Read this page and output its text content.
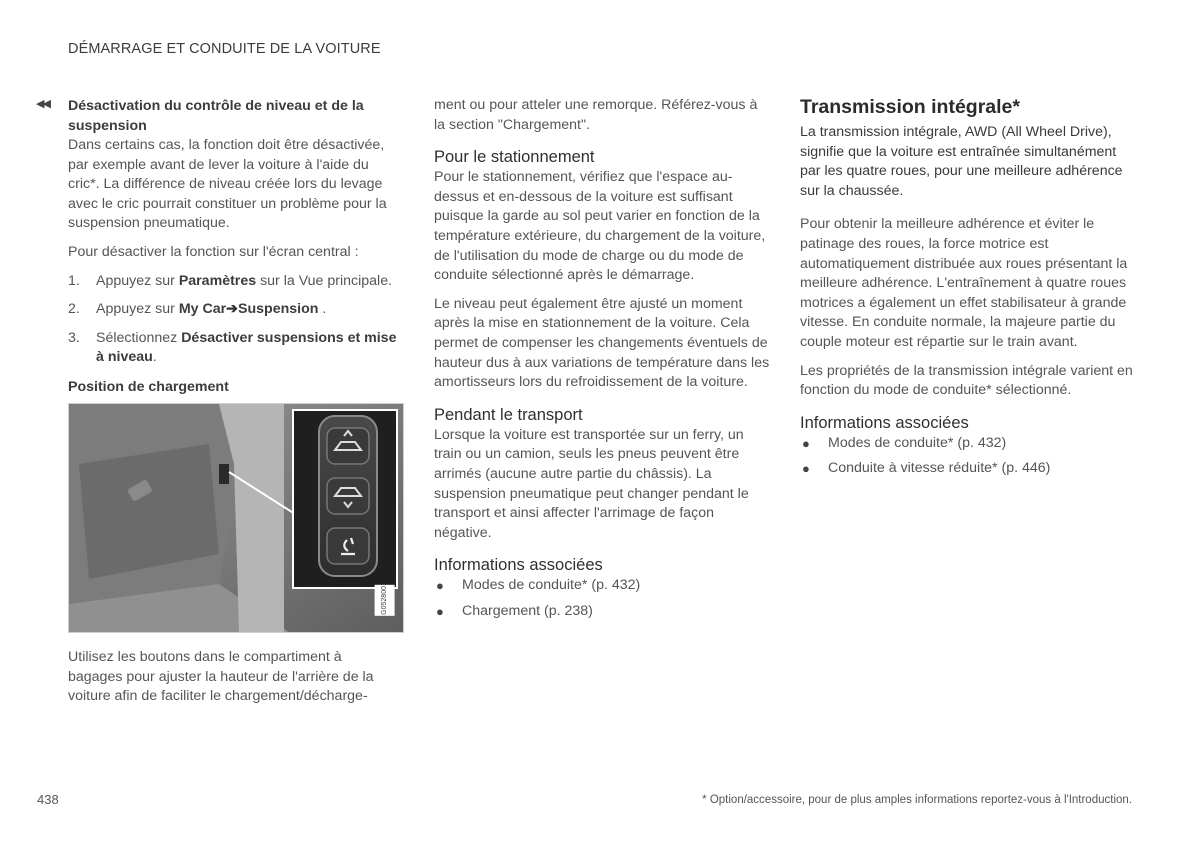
DÉMARRAGE ET CONDUITE DE LA VOITURE
◀◀ Désactivation du contrôle de niveau et de la suspension

Dans certains cas, la fonction doit être désactivée, par exemple avant de lever la voiture à l'aide du cric*. La différence de niveau créée lors du levage avec le cric pourrait constituer un problème pour la suspension pneumatique.

Pour désactiver la fonction sur l'écran central :

1. Appuyez sur Paramètres sur la Vue principale.
2. Appuyez sur My Car➔Suspension .
3. Sélectionnez Désactiver suspensions et mise à niveau.
Position de chargement
G052800

Utilisez les boutons dans le compartiment à bagages pour ajuster la hauteur de l'arrière de la voiture afin de faciliter le chargement/décharge-

ment ou pour atteler une remorque. Référez-vous à la section "Chargement".

Pour le stationnement

Pour le stationnement, vérifiez que l'espace au-dessus et en-dessous de la voiture est suffisant puisque la garde au sol peut varier en fonction de la température extérieure, du chargement de la voiture, de l'utilisation du mode de charge ou du mode de conduite sélectionné après le démarrage.

Le niveau peut également être ajusté un moment après la mise en stationnement de la voiture. Cela permet de compenser les changements éventuels de hauteur dus à aux variations de température dans les amortisseurs lors du refroidissement de la voiture.

Pendant le transport

Lorsque la voiture est transportée sur un ferry, un train ou un camion, seuls les pneus peuvent être arrimés (aucune autre partie du châssis). La suspension pneumatique peut changer pendant le transport et ainsi affecter l'arrimage de façon négative.

Informations associées
● Modes de conduite* (p. 432)
● Chargement (p. 238)
Transmission intégrale*

La transmission intégrale, AWD (All Wheel Drive), signifie que la voiture est entraînée simultanément par les quatre roues, pour une meilleure adhérence sur la chaussée.

Pour obtenir la meilleure adhérence et éviter le patinage des roues, la force motrice est automatiquement distribuée aux roues présentant la meilleure adhérence. L'entraînement à quatre roues motrices a également un effet stabilisateur à grande vitesse. En conduite normale, la majeure partie du couple moteur est répartie sur le train avant.

Les propriétés de la transmission intégrale varient en fonction du mode de conduite* sélectionné.

Informations associées
● Modes de conduite* (p. 432)
● Conduite à vitesse réduite* (p. 446)
438	* Option/accessoire, pour de plus amples informations reportez-vous à l'Introduction.
